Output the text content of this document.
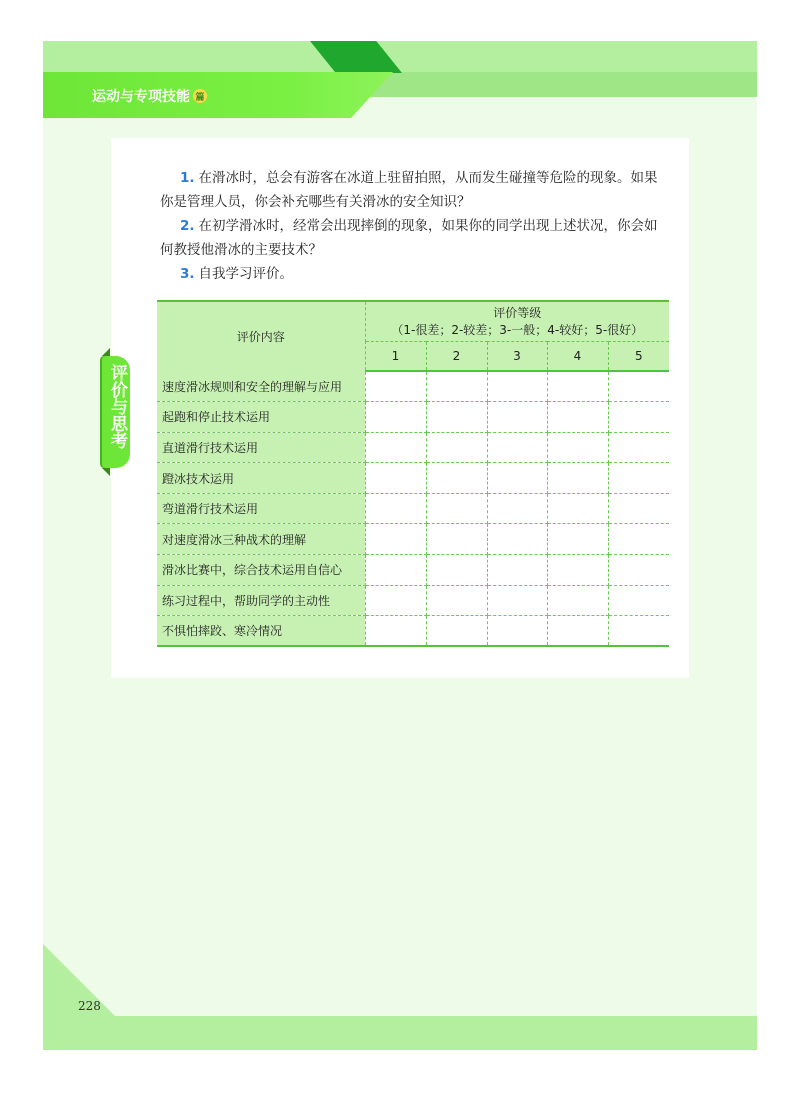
运动与专项技能 篇
评价与思考

1. 在滑冰时，总会有游客在冰道上驻留拍照，从而发生碰撞等危险的现象。如果你是管理人员，你会补充哪些有关滑冰的安全知识？

2. 在初学滑冰时，经常会出现摔倒的现象，如果你的同学出现上述状况，你会如何教授他滑冰的主要技术？

3. 自我学习评价。

评价内容	评价等级
（1-很差；2-较差；3-一般；4-较好；5-很好）				

	1	2	3	4	5
速度滑冰规则和安全的理解与应用					
起跑和停止技术运用					
直道滑行技术运用					
蹬冰技术运用					
弯道滑行技术运用					
对速度滑冰三种战术的理解					
滑冰比赛中，综合技术运用自信心					
练习过程中，帮助同学的主动性					
不惧怕摔跤、寒冷情况					
228
